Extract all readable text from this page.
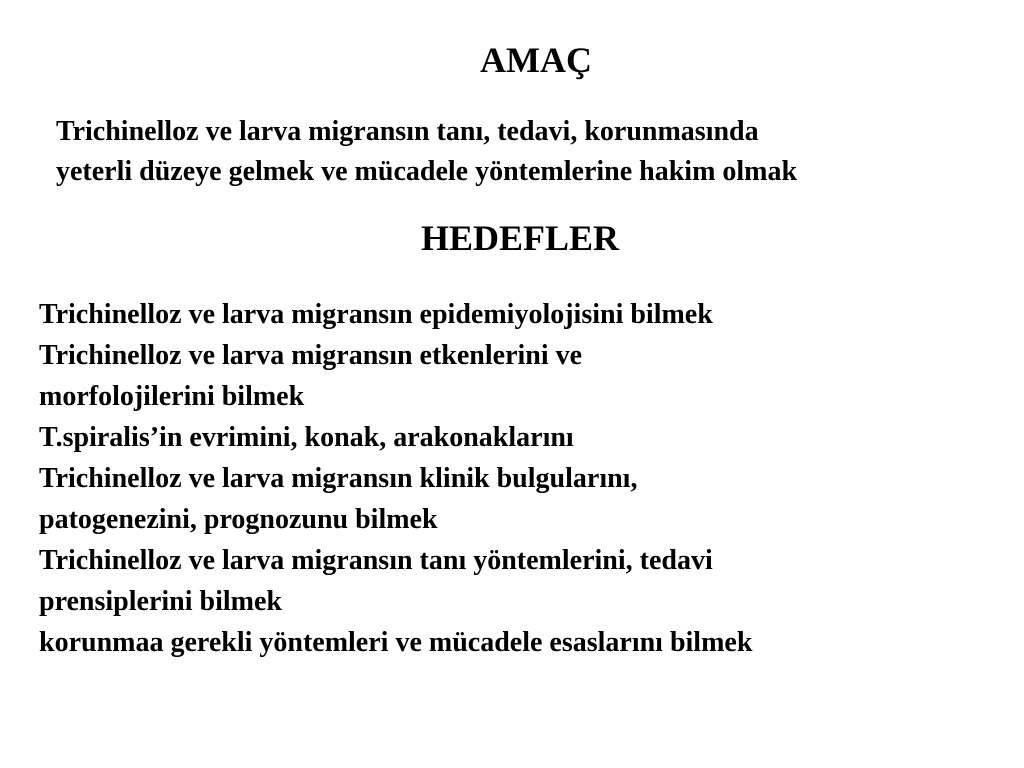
AMAÇ

Trichinelloz ve larva migransın tanı, tedavi, korunmasında
yeterli düzeye gelmek ve mücadele yöntemlerine hakim olmak

HEDEFLER
Trichinelloz ve larva migransın epidemiyolojisini bilmek
Trichinelloz ve larva migransın etkenlerini ve
morfolojilerini bilmek
T.spiralis’in evrimini, konak, arakonaklarını
Trichinelloz ve larva migransın klinik bulgularını,
patogenezini, prognozunu bilmek
Trichinelloz ve larva migransın tanı yöntemlerini, tedavi
prensiplerini bilmek
korunmaa gerekli yöntemleri ve mücadele esaslarını bilmek
